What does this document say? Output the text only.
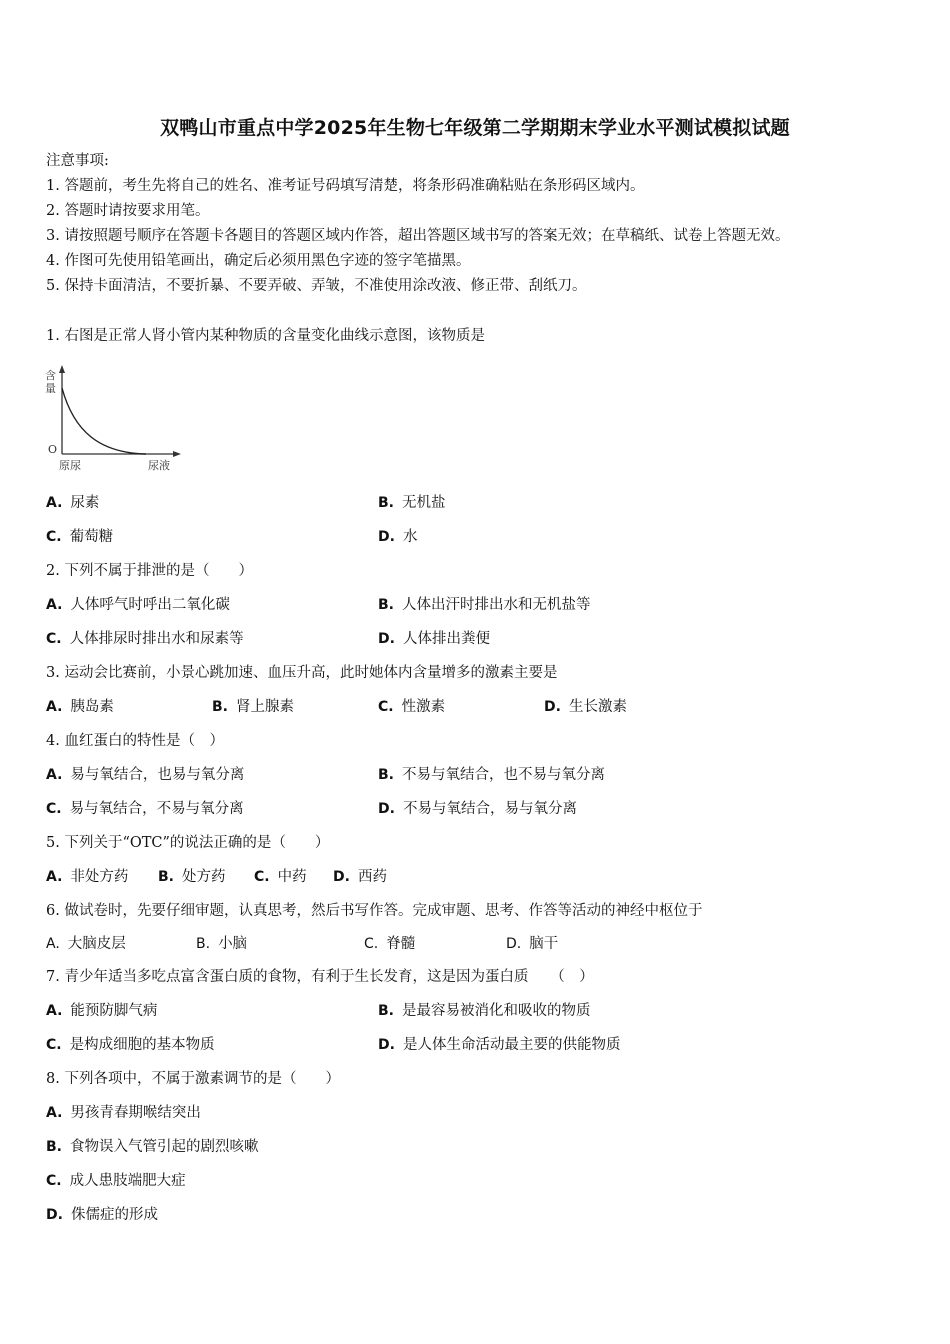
双鸭山市重点中学2025年生物七年级第二学期期末学业水平测试模拟试题
注意事项:
1. 答题前，考生先将自己的姓名、准考证号码填写清楚，将条形码准确粘贴在条形码区域内。
2. 答题时请按要求用笔。
3. 请按照题号顺序在答题卡各题目的答题区域内作答，超出答题区域书写的答案无效；在草稿纸、试卷上答题无效。
4. 作图可先使用铅笔画出，确定后必须用黑色字迹的签字笔描黑。
5. 保持卡面清洁，不要折暴、不要弄破、弄皱，不准使用涂改液、修正带、刮纸刀。
1. 右图是正常人肾小管内某种物质的含量变化曲线示意图，该物质是
含
量
O
原尿	尿液
A. 尿素	B. 无机盐
C. 葡萄糖	D. 水
2. 下列不属于排泄的是（　　）
A. 人体呼气时呼出二氧化碳	B. 人体出汗时排出水和无机盐等
C. 人体排尿时排出水和尿素等	D. 人体排出粪便
3. 运动会比赛前，小景心跳加速、血压升高，此时她体内含量增多的激素主要是
A. 胰岛素	B. 肾上腺素	C. 性激素	D. 生长激素
4. 血红蛋白的特性是（　）
A. 易与氧结合，也易与氧分离	B. 不易与氧结合，也不易与氧分离
C. 易与氧结合，不易与氧分离	D. 不易与氧结合，易与氧分离
5. 下列关于“OTC”的说法正确的是（　　）
A. 非处方药 B. 处方药 C. 中药 D. 西药
6. 做试卷时，先要仔细审题，认真思考，然后书写作答。完成审题、思考、作答等活动的神经中枢位于
A. 大脑皮层	B. 小脑	C. 脊髓	D. 脑干
7. 青少年适当多吃点富含蛋白质的食物，有利于生长发育，这是因为蛋白质　　（　）
A. 能预防脚气病	B. 是最容易被消化和吸收的物质
C. 是构成细胞的基本物质	D. 是人体生命活动最主要的供能物质
8. 下列各项中，不属于激素调节的是（　　）
A. 男孩青春期喉结突出
B. 食物误入气管引起的剧烈咳嗽
C. 成人患肢端肥大症
D. 侏儒症的形成
